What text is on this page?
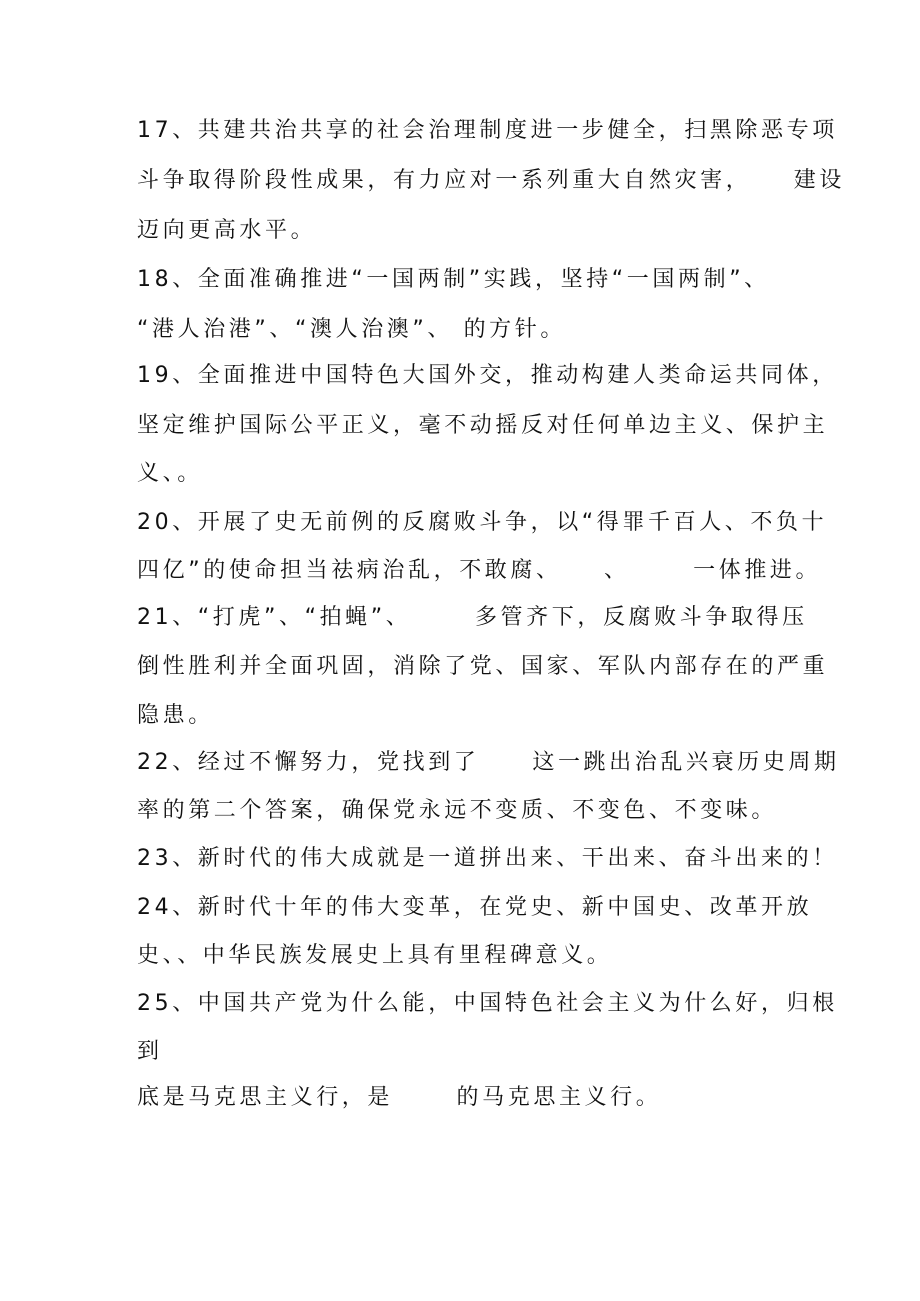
17、共建共治共享的社会治理制度进一步健全，扫黑除恶专项
斗争取得阶段性成果，有力应对一系列重大自然灾害，    建设
迈向更高水平。
18、全面准确推进“一国两制”实践，坚持“一国两制”、
“港人治港”、“澳人治澳”、 的方针。
19、全面推进中国特色大国外交，推动构建人类命运共同体，
坚定维护国际公平正义，毫不动摇反对任何单边主义、保护主
义、。
20、开展了史无前例的反腐败斗争，以“得罪千百人、不负十
四亿”的使命担当祛病治乱，不敢腐、    、      一体推进。
21、“打虎”、“拍蝇”、      多管齐下，反腐败斗争取得压
倒性胜利并全面巩固，消除了党、国家、军队内部存在的严重
隐患。
22、经过不懈努力，党找到了     这一跳出治乱兴衰历史周期
率的第二个答案，确保党永远不变质、不变色、不变味。
23、新时代的伟大成就是一道拼出来、干出来、奋斗出来的！
24、新时代十年的伟大变革，在党史、新中国史、改革开放
史、、中华民族发展史上具有里程碑意义。
25、中国共产党为什么能，中国特色社会主义为什么好，归根
到
底是马克思主义行，是      的马克思主义行。
